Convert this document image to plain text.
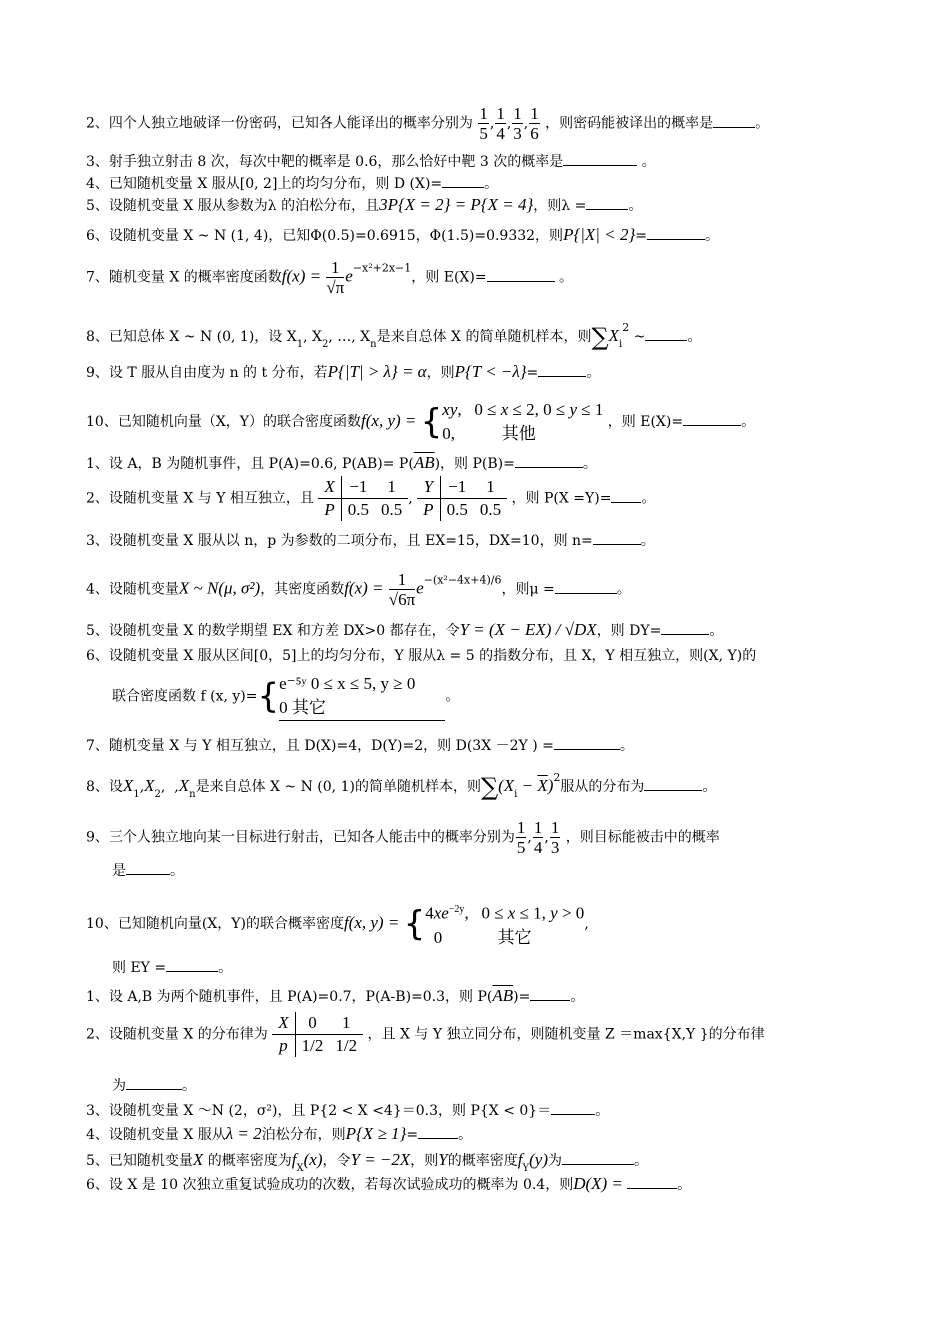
2、四个人独立地破译一份密码，已知各人能译出的概率分别为 $\frac{1}{5}$ , $\frac{1}{4}$ , $\frac{1}{3}$ , $\frac{1}{6}$ ，则密码能被译出的概率是	。
3、射手独立射击 8 次，每次中靶的概率是 0.6，那么恰好中靶 3 次的概率是	。
4、已知随机变量 X 服从[0, 2]上的均匀分布，则 D (X)=	。
5、设随机变量 X 服从参数为λ 的泊松分布，且3P{X = 2} = P{X = 4}，则λ =	。
6、设随机变量 X ~ N (1, 4)，已知Φ(0.5)=0.6915，Φ(1.5)=0.9332，则P{|X| < 2}=	。
7、随机变量 X 的概率密度函数$f(x) = \frac{1}{√\pi} e^{-x^2+2x-1}$，则 E(X)=	。
8、已知总体 X ~ N (0, 1)，设 $X_1$, $X_2$, …, $X_n$是来自总体 X 的简单随机样本，则$\sum X_i^2$ ~	。
9、设 T 服从自由度为 n 的 t 分布，若P{|T| > λ} = α，则P{T < −λ}=	。
10、已知随机向量（X，Y）的联合密度函数f(x, y) = { xy,   0 ≤ x ≤ 2, 0 ≤ y ≤ 1
0,           其他
，则 E(X)=	。
1、设 A，B 为随机事件，且 P(A)=0.6, $P(AB)= P(\overline{AB})$，则 P(B)=	。
2、设随机变量 X 与 Y 相互独立，且 X	−1	1
P	0.5	0.5, Y	−1	1
P	0.5	0.5 ，则 P(X =Y)= 。
3、设随机变量 X 服从以 n，p 为参数的二项分布，且 EX=15，DX=10，则 n=	。
4、设随机变量X ~ N(μ, σ²)，其密度函数$f(x) = \frac{1}{√6\pi} e^{-(x^2-4x+4)/6}$，则μ =	。
5、设随机变量 X 的数学期望 EX 和方差 DX>0 都存在，令Y = (X − EX) / √DX，则 DY=	。
6、设随机变量 X 服从区间[0，5]上的均匀分布，Y 服从λ = 5 的指数分布，且 X，Y 相互独立，则(X, Y)的
联合密度函数 f (x, y)={ e⁻⁵ʸ 0 ≤ x ≤ 5, y ≥ 0
0 其它
。
7、随机变量 X 与 Y 相互独立，且 D(X)=4，D(Y)=2，则 D(3X －2Y ) =	。
8、设$X_1,X_2$,  $,X_n$是来自总体 X ~ N (0, 1)的简单随机样本，则$\sum(X_i - \overline{X})^2$服从的分布为	。
9、三个人独立地向某一目标进行射击，已知各人能击中的概率分别为 $\frac{1}{5}$ , $\frac{1}{4}$ , $\frac{1}{3}$ ，则目标能被击中的概率
是	。
10、已知随机向量(X，Y)的联合概率密度f(x, y) = { $4xe^{-2y}$,   0 ≤ x ≤ 1, y > 0
0             其它
,
则 EY =	。
1、设 A,B 为两个随机事件，且 P(A)=0.7，P(A-B)=0.3，则 $P(\overline{AB})=$	。
2、设随机变量 X 的分布律为 X	0	1
p	1/2	1/2 ，且 X 与 Y 独立同分布，则随机变量 Z ＝max{X,Y }的分布律
为	。
3、设随机变量 X ～N (2，σ²)，且 P{2 < X <4}＝0.3，则 P{X < 0}＝	。
4、设随机变量 X 服从λ = 2泊松分布，则P{X ≥ 1}=	。
5、已知随机变量X 的概率密度为$f_X(x)$，令Y = −2X，则Y的概率密度$f_Y(y)$为	。
6、设 X 是 10 次独立重复试验成功的次数，若每次试验成功的概率为 0.4，则D(X) =	。
